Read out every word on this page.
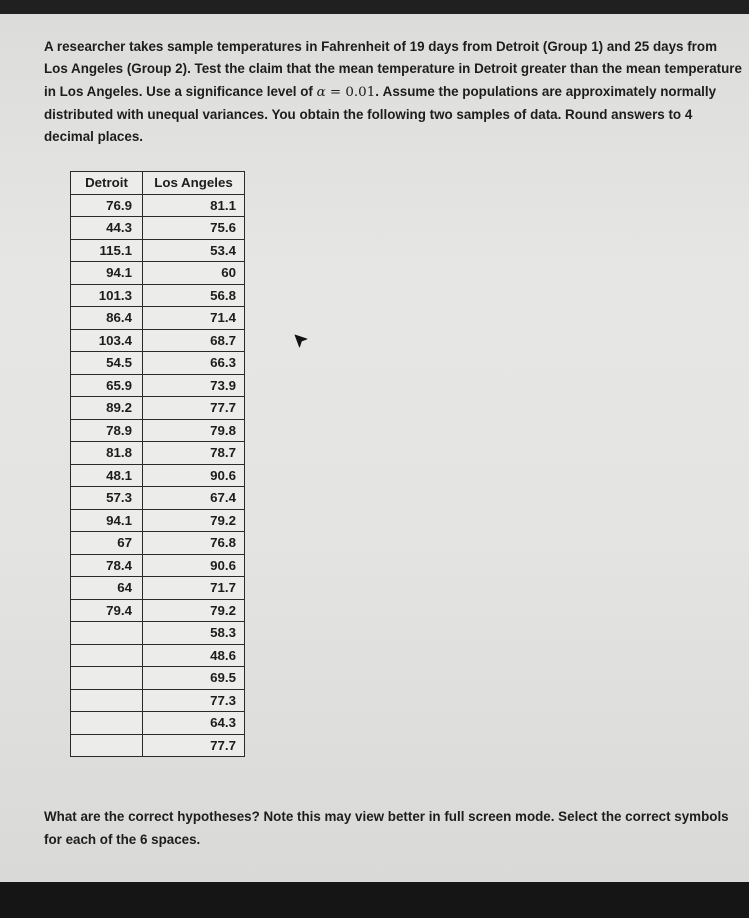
A researcher takes sample temperatures in Fahrenheit of 19 days from Detroit (Group 1) and 25 days from Los Angeles (Group 2). Test the claim that the mean temperature in Detroit greater than the mean temperature in Los Angeles. Use a significance level of α = 0.01. Assume the populations are approximately normally distributed with unequal variances. You obtain the following two samples of data. Round answers to 4 decimal places.

Detroit	Los Angeles
76.9	81.1
44.3	75.6
115.1	53.4
94.1	60
101.3	56.8
86.4	71.4
103.4	68.7
54.5	66.3
65.9	73.9
89.2	77.7
78.9	79.8
81.8	78.7
48.1	90.6
57.3	67.4
94.1	79.2
67	76.8
78.4	90.6
64	71.7
79.4	79.2
	58.3
	48.6
	69.5
	77.3
	64.3
	77.7

What are the correct hypotheses? Note this may view better in full screen mode. Select the correct symbols for each of the 6 spaces.
